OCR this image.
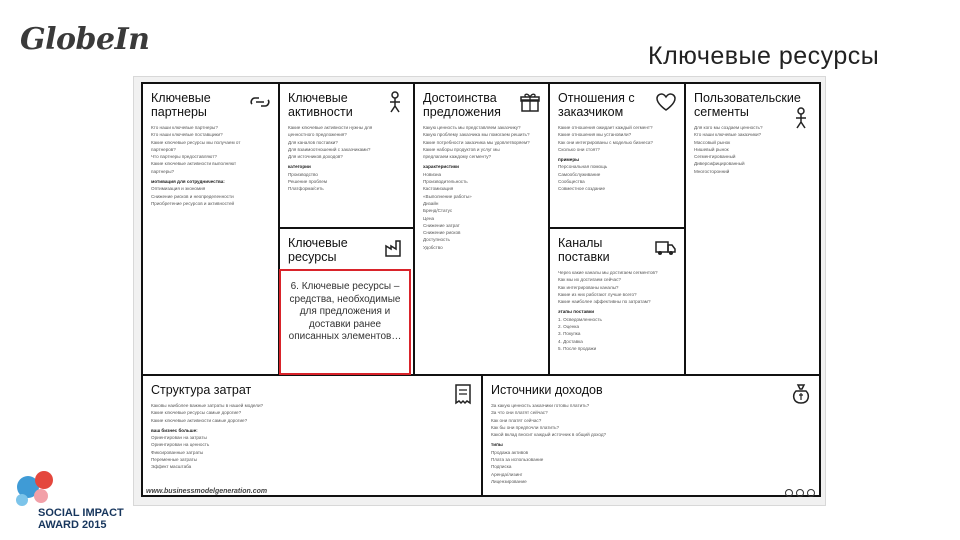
GlobeIn	Ключевые ресурсы
Ключевые
партнеры
Кто наши ключевые партнеры?
Кто наши ключевые поставщики?
Какие ключевые ресурсы мы получаем от
партнеров?
Что партнеры предоставляют?
Какие ключевые активности выполняют
партнеры?
мотивация для сотрудничества:
Оптимизация и экономия
Снижение рисков и неопределенности
Приобретение ресурсов и активностей
Ключевые
активности
Какие ключевые активности нужны для
ценностного предложения?
Для каналов поставки?
Для взаимоотношений с заказчиками?
Для источников доходов?
категории
Производство
Решение проблем
Платформа/сеть
Ключевые
ресурсы
Достоинства
предложения
Какую ценность мы представляем заказчику?
Какую проблему заказчика мы помогаем решить?
Какие потребности заказчика мы удовлетворяем?
Какие наборы продуктов и услуг мы
предлагаем каждому сегменту?
характеристики
Новизна
Производительность
Кастомизация
«Выполнение работы»
Дизайн
Бренд/Статус
Цена
Снижение затрат
Снижение рисков
Доступность
Удобство
Отношения с
заказчиком
Какие отношения ожидает каждый сегмент?
Какие отношения мы установили?
Как они интегрированы с моделью бизнеса?
Сколько они стоят?
примеры
Персональная помощь
Самообслуживание
Сообщества
Совместное создание
Каналы
поставки
Через какие каналы мы достигаем сегментов?
Как мы их достигаем сейчас?
Как интегрированы каналы?
Какие из них работают лучше всего?
Какие наиболее эффективны по затратам?
этапы поставки
1. Осведомленность
2. Оценка
3. Покупка
4. Доставка
5. После продажи
Пользовательские
сегменты
Для кого мы создаем ценность?
Кто наши ключевые заказчики?
Массовый рынок
Нишевый рынок
Сегментированный
Диверсифицированный
Многосторонний
Структура затрат
Каковы наиболее важные затраты в нашей модели?
Какие ключевые ресурсы самые дорогие?
Какие ключевые активности самые дорогие?
ваш бизнес больше:
Ориентирован на затраты
Ориентирован на ценность
Фиксированные затраты
Переменные затраты
Эффект масштаба
Источники доходов
За какую ценность заказчики готовы платить?
За что они платят сейчас?
Как они платят сейчас?
Как бы они предпочли платить?
Какой вклад вносит каждый источник в общий доход?
типы
Продажа активов
Плата за использование
Подписка
Аренда/лизинг
Лицензирование
www.businessmodelgeneration.com
6. Ключевые ресурсы – средства, необходимые для предложения и доставки ранее описанных элементов…
SOCIAL IMPACT
AWARD 2015
